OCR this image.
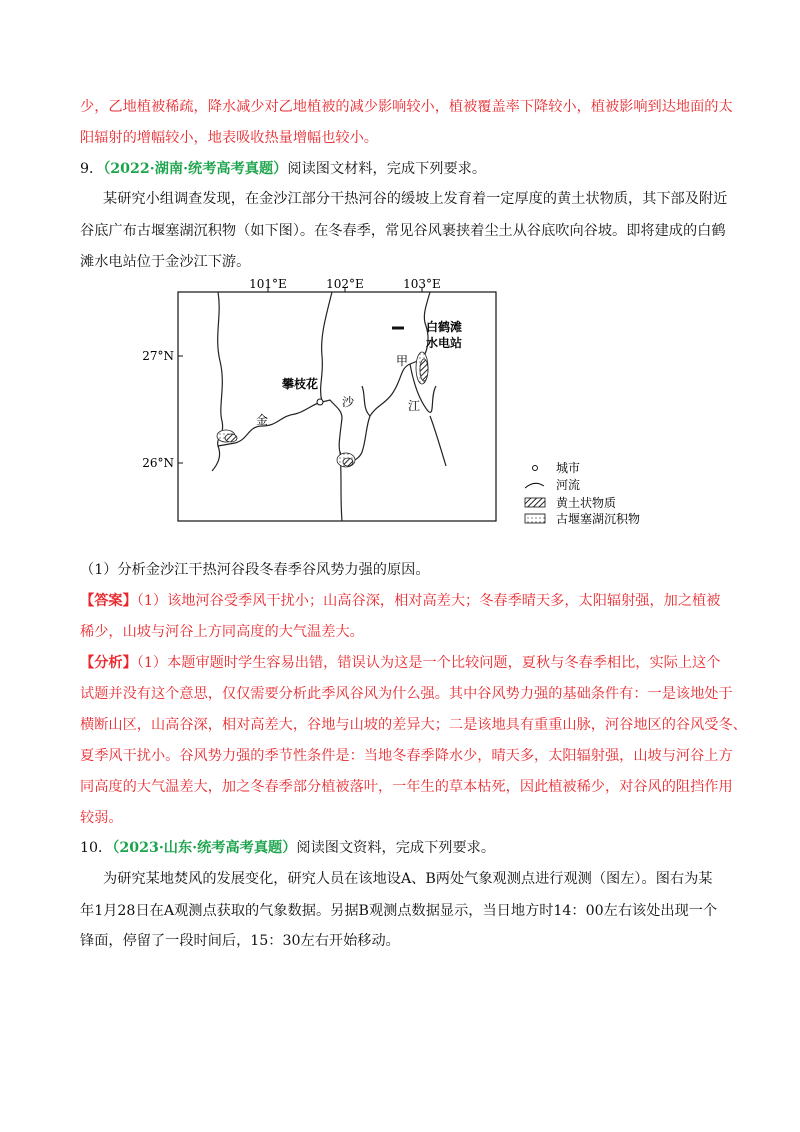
少，乙地植被稀疏，降水减少对乙地植被的减少影响较小，植被覆盖率下降较小，植被影响到达地面的太
阳辐射的增幅较小，地表吸收热量增幅也较小。
9．（2022·湖南·统考高考真题）阅读图文材料，完成下列要求。
某研究小组调查发现，在金沙江部分干热河谷的缓坡上发育着一定厚度的黄土状物质，其下部及附近
谷底广布古堰塞湖沉积物（如下图）。在冬春季，常见谷风裹挟着尘土从谷底吹向谷坡。即将建成的白鹤
滩水电站位于金沙江下游。
101°E	102°E	103°E
27°N
26°N
攀枝花
金
沙	江
甲
白鹤滩
水电站
城市
河流
黄土状物质
古堰塞湖沉积物
（1）分析金沙江干热河谷段冬春季谷风势力强的原因。
【答案】（1）该地河谷受季风干扰小；山高谷深，相对高差大；冬春季晴天多，太阳辐射强，加之植被
稀少，山坡与河谷上方同高度的大气温差大。
【分析】（1）本题审题时学生容易出错，错误认为这是一个比较问题，夏秋与冬春季相比，实际上这个
试题并没有这个意思，仅仅需要分析此季风谷风为什么强。其中谷风势力强的基础条件有：一是该地处于
横断山区，山高谷深，相对高差大，谷地与山坡的差异大；二是该地具有重重山脉，河谷地区的谷风受冬、
夏季风干扰小。谷风势力强的季节性条件是：当地冬春季降水少，晴天多，太阳辐射强，山坡与河谷上方
同高度的大气温差大，加之冬春季部分植被落叶，一年生的草本枯死，因此植被稀少，对谷风的阻挡作用
较弱。
10．（2023·山东·统考高考真题）阅读图文资料，完成下列要求。
为研究某地焚风的发展变化，研究人员在该地设A、B两处气象观测点进行观测（图左）。图右为某
年1月28日在A观测点获取的气象数据。另据B观测点数据显示，当日地方时14：00左右该处出现一个
锋面，停留了一段时间后，15：30左右开始移动。
